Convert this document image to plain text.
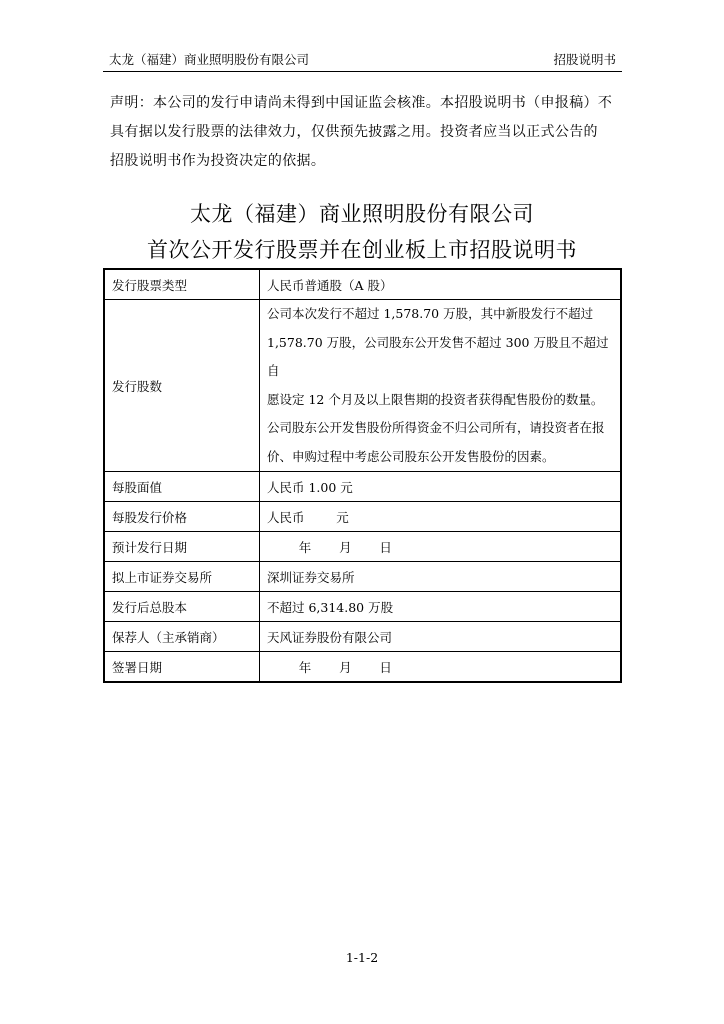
太龙（福建）商业照明股份有限公司	招股说明书

声明：本公司的发行申请尚未得到中国证监会核准。本招股说明书（申报稿）不
具有据以发行股票的法律效力，仅供预先披露之用。投资者应当以正式公告的
招股说明书作为投资决定的依据。

太龙（福建）商业照明股份有限公司
首次公开发行股票并在创业板上市招股说明书
发行股票类型	人民币普通股（A 股）
发行股数	公司本次发行不超过 1,578.70 万股，其中新股发行不超过
1,578.70 万股，公司股东公开发售不超过 300 万股且不超过自
愿设定 12 个月及以上限售期的投资者获得配售股份的数量。

公司股东公开发售股份所得资金不归公司所有，请投资者在报
价、申购过程中考虑公司股东公开发售股份的因素。

每股面值	人民币 1.00 元
每股发行价格	人民币        元
预计发行日期	年       月       日
拟上市证券交易所	深圳证券交易所
发行后总股本	不超过 6,314.80 万股
保荐人（主承销商）	天风证券股份有限公司
签署日期	年       月       日
1-1-2
